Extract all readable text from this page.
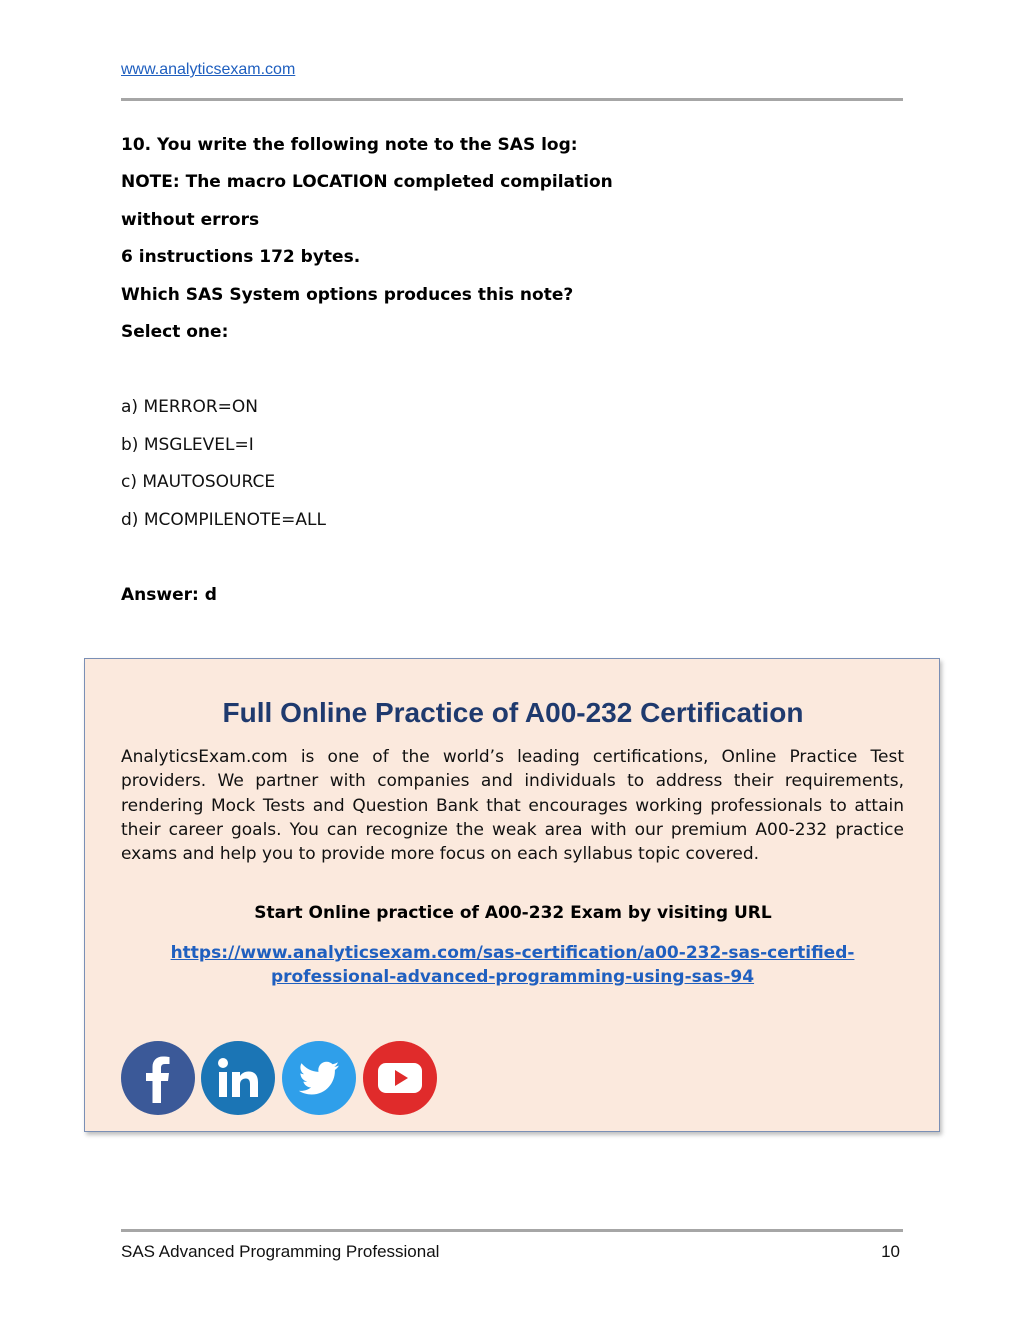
www.analyticsexam.com
10. You write the following note to the SAS log:
NOTE: The macro LOCATION completed compilation
without errors
6 instructions 172 bytes.
Which SAS System options produces this note?
Select one:
a) MERROR=ON
b) MSGLEVEL=I
c) MAUTOSOURCE
d) MCOMPILENOTE=ALL
Answer: d
Full Online Practice of A00-232 Certification
AnalyticsExam.com is one of the world’s leading certifications, Online Practice Test providers. We partner with companies and individuals to address their requirements, rendering Mock Tests and Question Bank that encourages working professionals to attain their career goals. You can recognize the weak area with our premium A00-232 practice exams and help you to provide more focus on each syllabus topic covered.
Start Online practice of A00-232 Exam by visiting URL
https://www.analyticsexam.com/sas-certification/a00-232-sas-certified-
professional-advanced-programming-using-sas-94
SAS Advanced Programming Professional	10
